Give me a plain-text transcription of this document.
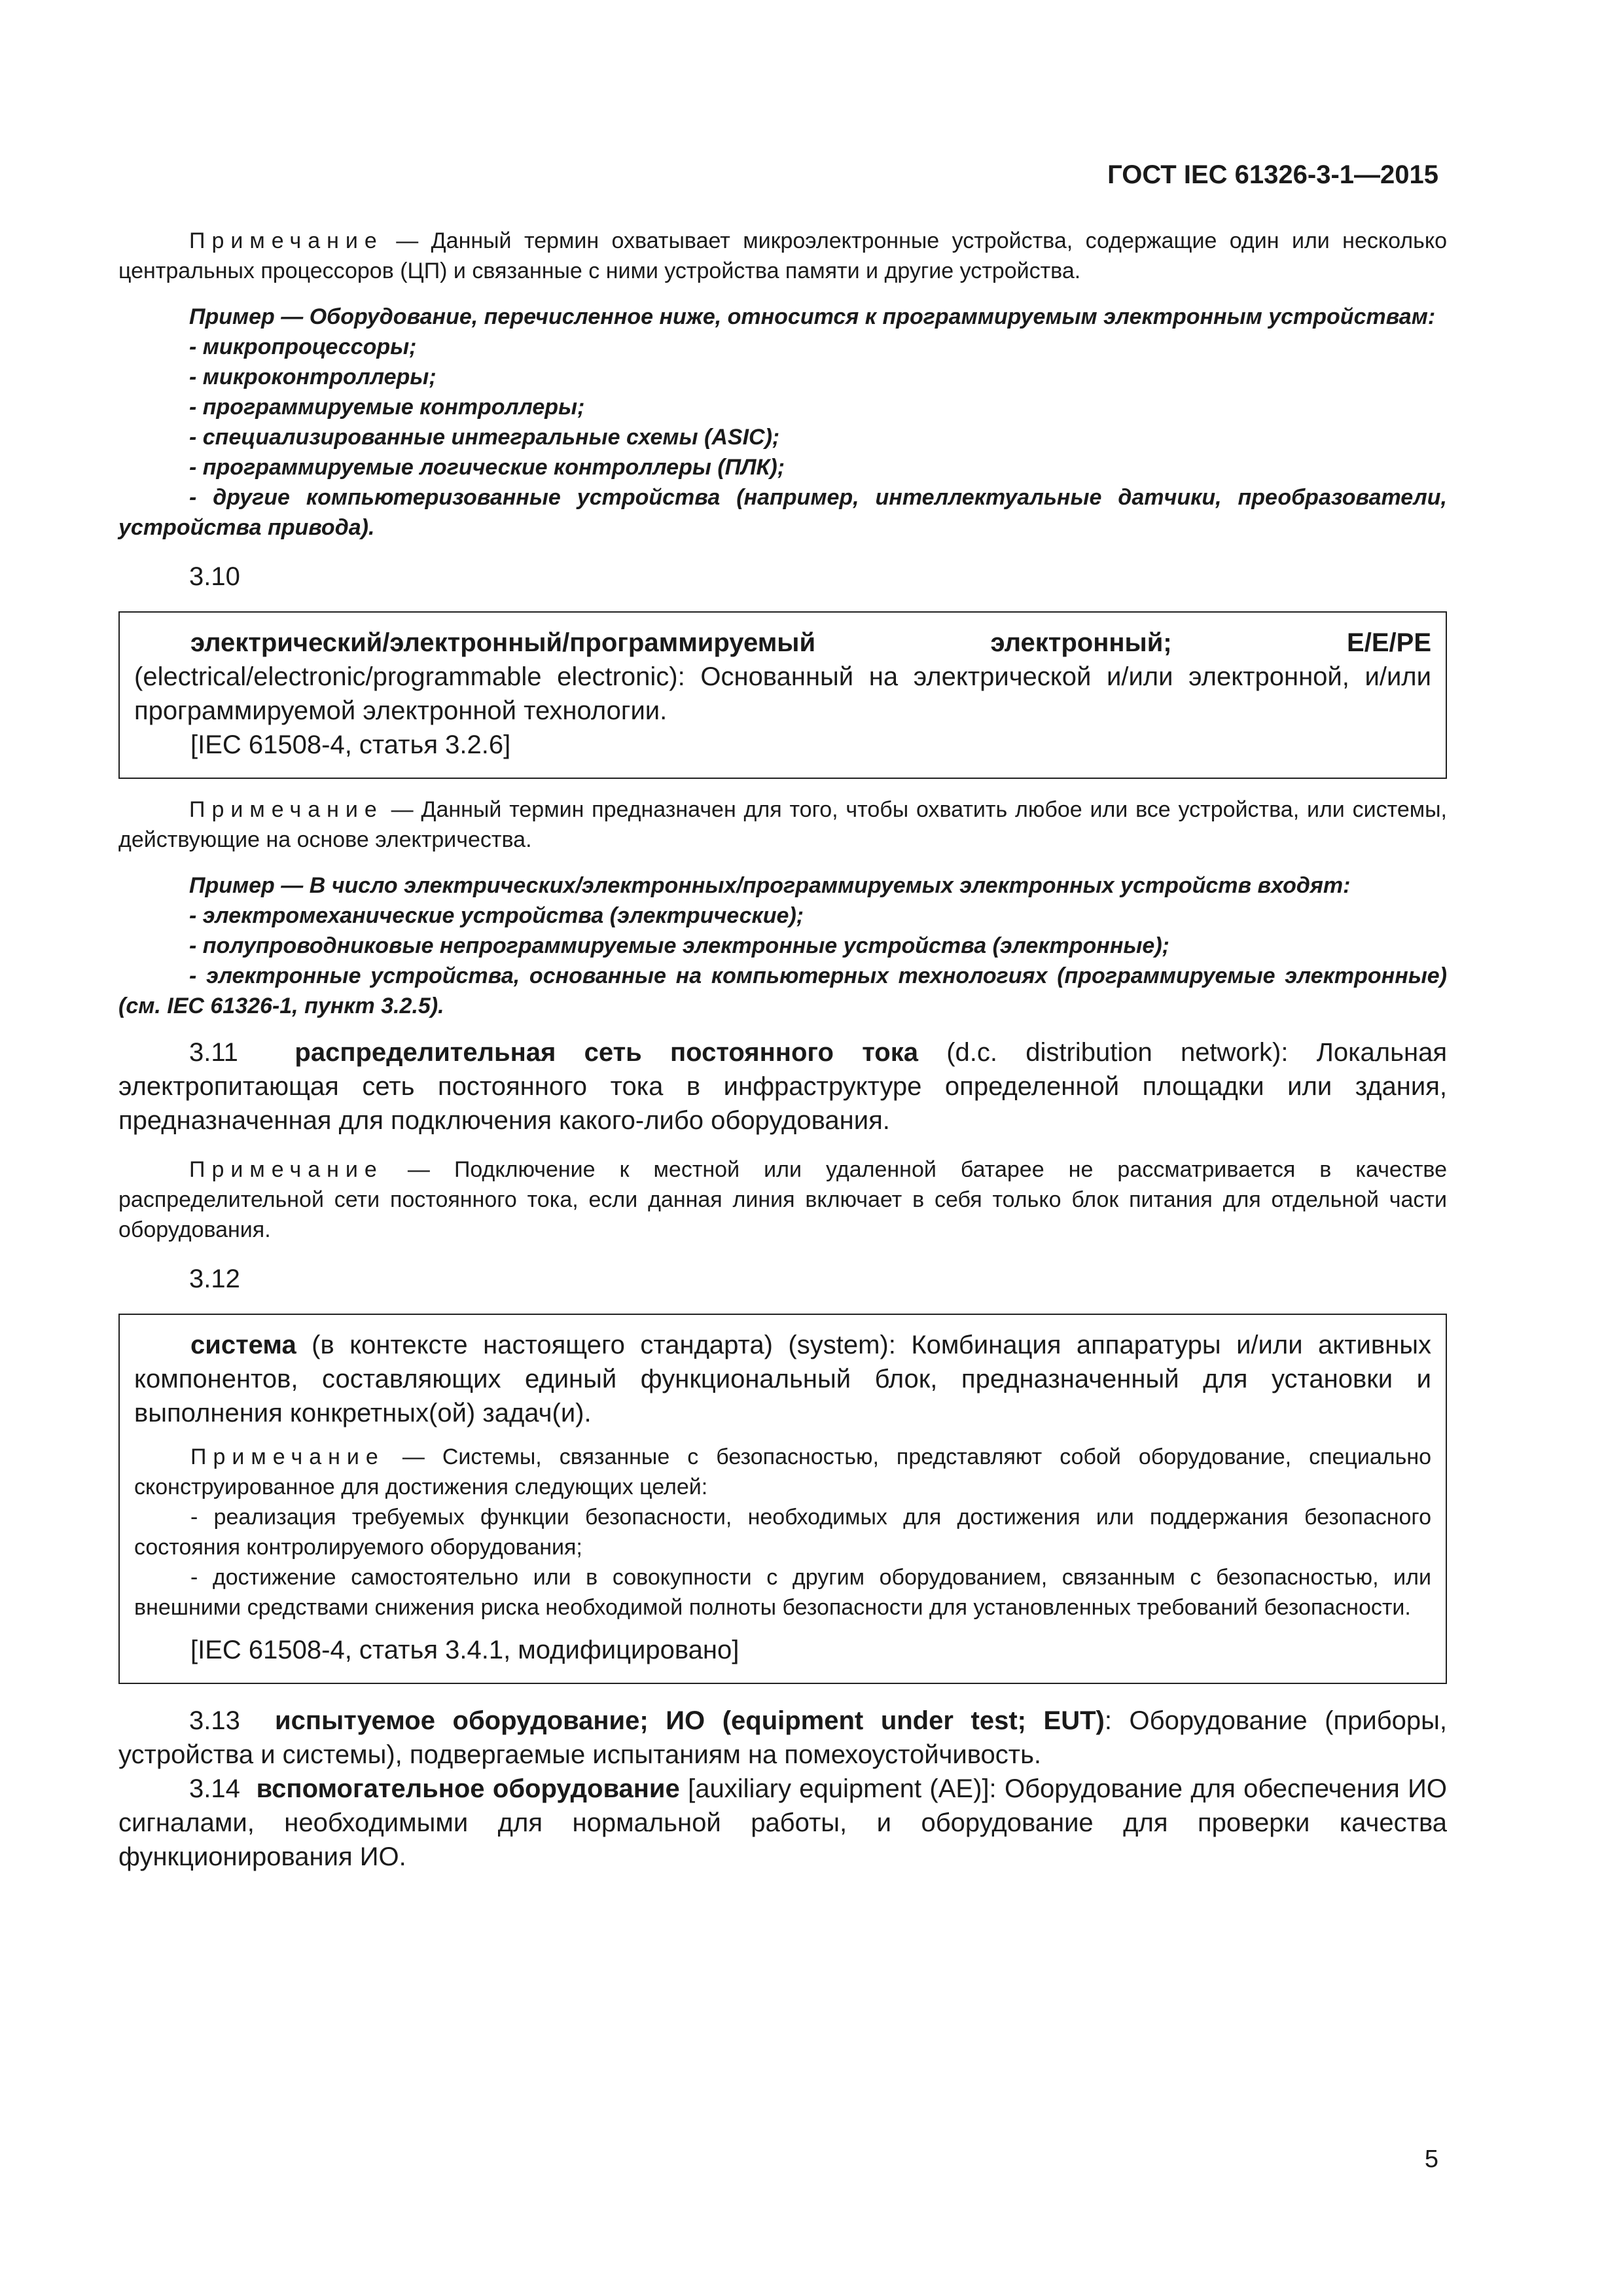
ГОСТ IEC 61326-3-1—2015

Примечание — Данный термин охватывает микроэлектронные устройства, содержащие один или несколько центральных процессоров (ЦП) и связанные с ними устройства памяти и другие устройства.

Пример — Оборудование, перечисленное ниже, относится к программируемым электронным устройствам:

- микропроцессоры;

- микроконтроллеры;

- программируемые контроллеры;

- специализированные интегральные схемы (ASIC);

- программируемые логические контроллеры (ПЛК);

- другие компьютеризованные устройства (например, интеллектуальные датчики, преобразователи, устройства привода).

3.10

электрический/электронный/программируемый электронный; E/E/PE (electrical/electronic/programmable electronic): Основанный на электрической и/или электронной, и/или программируемой электронной технологии.

[IEC 61508-4, статья 3.2.6]

Примечание — Данный термин предназначен для того, чтобы охватить любое или все устройства, или системы, действующие на основе электричества.

Пример — В число электрических/электронных/программируемых электронных устройств входят:

- электромеханические устройства (электрические);

- полупроводниковые непрограммируемые электронные устройства (электронные);

- электронные устройства, основанные на компьютерных технологиях (программируемые электронные) (см. IEC 61326-1, пункт 3.2.5).

3.11 распределительная сеть постоянного тока (d.c. distribution network): Локальная электропитающая сеть постоянного тока в инфраструктуре определенной площадки или здания, предназначенная для подключения какого-либо оборудования.

Примечание — Подключение к местной или удаленной батарее не рассматривается в качестве распределительной сети постоянного тока, если данная линия включает в себя только блок питания для отдельной части оборудования.

3.12

система (в контексте настоящего стандарта) (system): Комбинация аппаратуры и/или активных компонентов, составляющих единый функциональный блок, предназначенный для установки и выполнения конкретных(ой) задач(и).

Примечание — Системы, связанные с безопасностью, представляют собой оборудование, специально сконструированное для достижения следующих целей:

- реализация требуемых функции безопасности, необходимых для достижения или поддержания безопасного состояния контролируемого оборудования;

- достижение самостоятельно или в совокупности с другим оборудованием, связанным с безопасностью, или внешними средствами снижения риска необходимой полноты безопасности для установленных требований безопасности.

[IEC 61508-4, статья 3.4.1, модифицировано]

3.13 испытуемое оборудование; ИО (equipment under test; EUT): Оборудование (приборы, устройства и системы), подвергаемые испытаниям на помехоустойчивость.

3.14 вспомогательное оборудование [auxiliary equipment (AE)]: Оборудование для обеспечения ИО сигналами, необходимыми для нормальной работы, и оборудование для проверки качества функционирования ИО.

5
